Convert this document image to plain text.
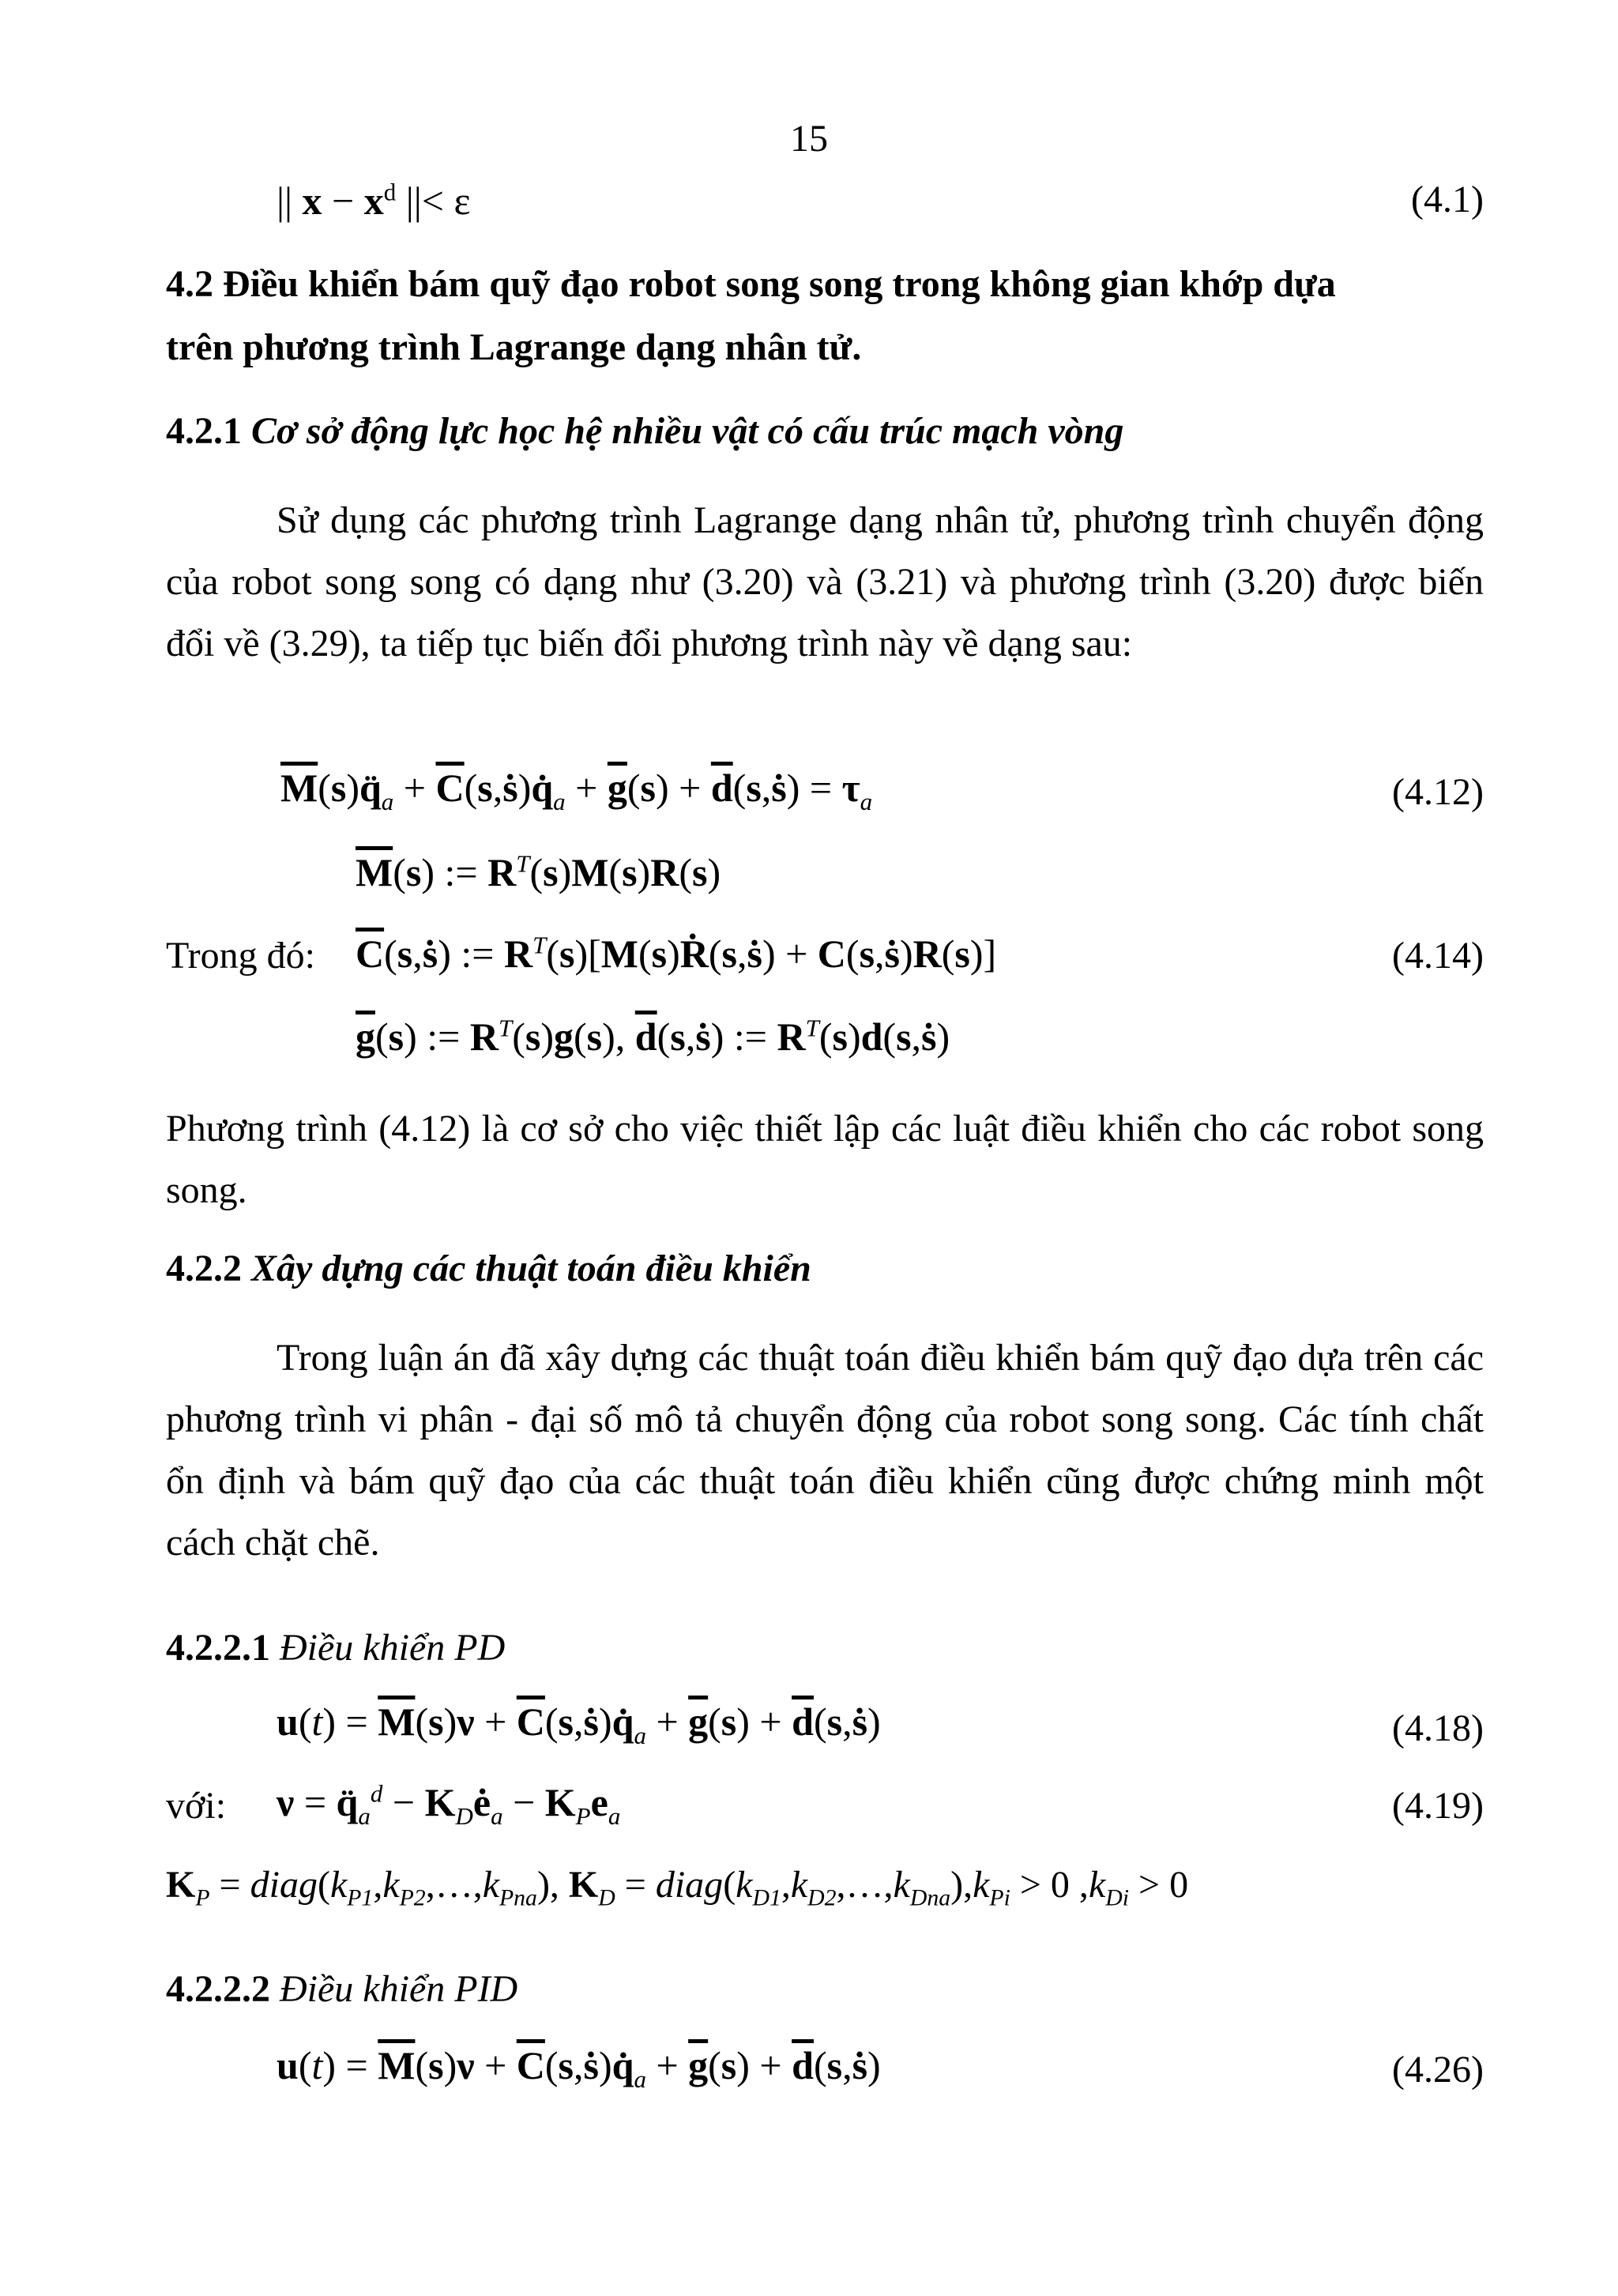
15
|| $x - x^d$ ||< ε	(4.1)
4.2 Điều khiển bám quỹ đạo robot song song trong không gian khớp dựa
trên phương trình Lagrange dạng nhân tử.
4.2.1 Cơ sở động lực học hệ nhiều vật có cấu trúc mạch vòng
Sử dụng các phương trình Lagrange dạng nhân tử, phương trình chuyển động của robot song song có dạng như (3.20) và (3.21) và phương trình (3.20) được biến đổi về (3.29), ta tiếp tục biến đổi phương trình này về dạng sau:
$\overline{M}(s)q̈_a$ + $\overline{C}(s,ṡ)q̇_a + \overline{g}(s)$ + $\overline{d}(s,ṡ) = \tau_a$	(4.12)
$\overline{M}(s)$ := $R^T(s)M(s)R(s)$
Trong đó: $\overline{C}(s,ṡ)$ := $R^T(s)[M(s)Ṙ(s,ṡ)$ + C(s,ṡ)R(s)]	(4.14)
$\overline{g}(s)$ := $R^T(s)g(s)$, $\overline{d}(s,ṡ)$ := $R^T(s)d(s,ṡ)$
Phương trình (4.12) là cơ sở cho việc thiết lập các luật điều khiển cho các robot song song.
4.2.2 Xây dựng các thuật toán điều khiển
Trong luận án đã xây dựng các thuật toán điều khiển bám quỹ đạo dựa trên các phương trình vi phân - đại số mô tả chuyển động của robot song song. Các tính chất ổn định và bám quỹ đạo của các thuật toán điều khiển cũng được chứng minh một cách chặt chẽ.
4.2.2.1 Điều khiển PD
$u(t) = \overline{M}(s)\nu$ + $\overline{C}(s,ṡ)q̇_a + \overline{g}(s)$ + $\overline{d}(s,ṡ)$	(4.18)
với: $\nu = q̈_a^d$ − $K_Dė_a - K_Pe_a$	(4.19)
$K_P$ = $diag(k_{P1},k_{P2},\dots,k_{Pna})$, $K_D$ = $diag(k_{D1},k_{D2},\dots,k_{Dna}),k_{Pi} > 0$ $,k_{Di} > 0$
4.2.2.2 Điều khiển PID
$u(t) = \overline{M}(s)\nu$ + $\overline{C}(s,ṡ)q̇_a + \overline{g}(s)$ + $\overline{d}(s,ṡ)$	(4.26)
